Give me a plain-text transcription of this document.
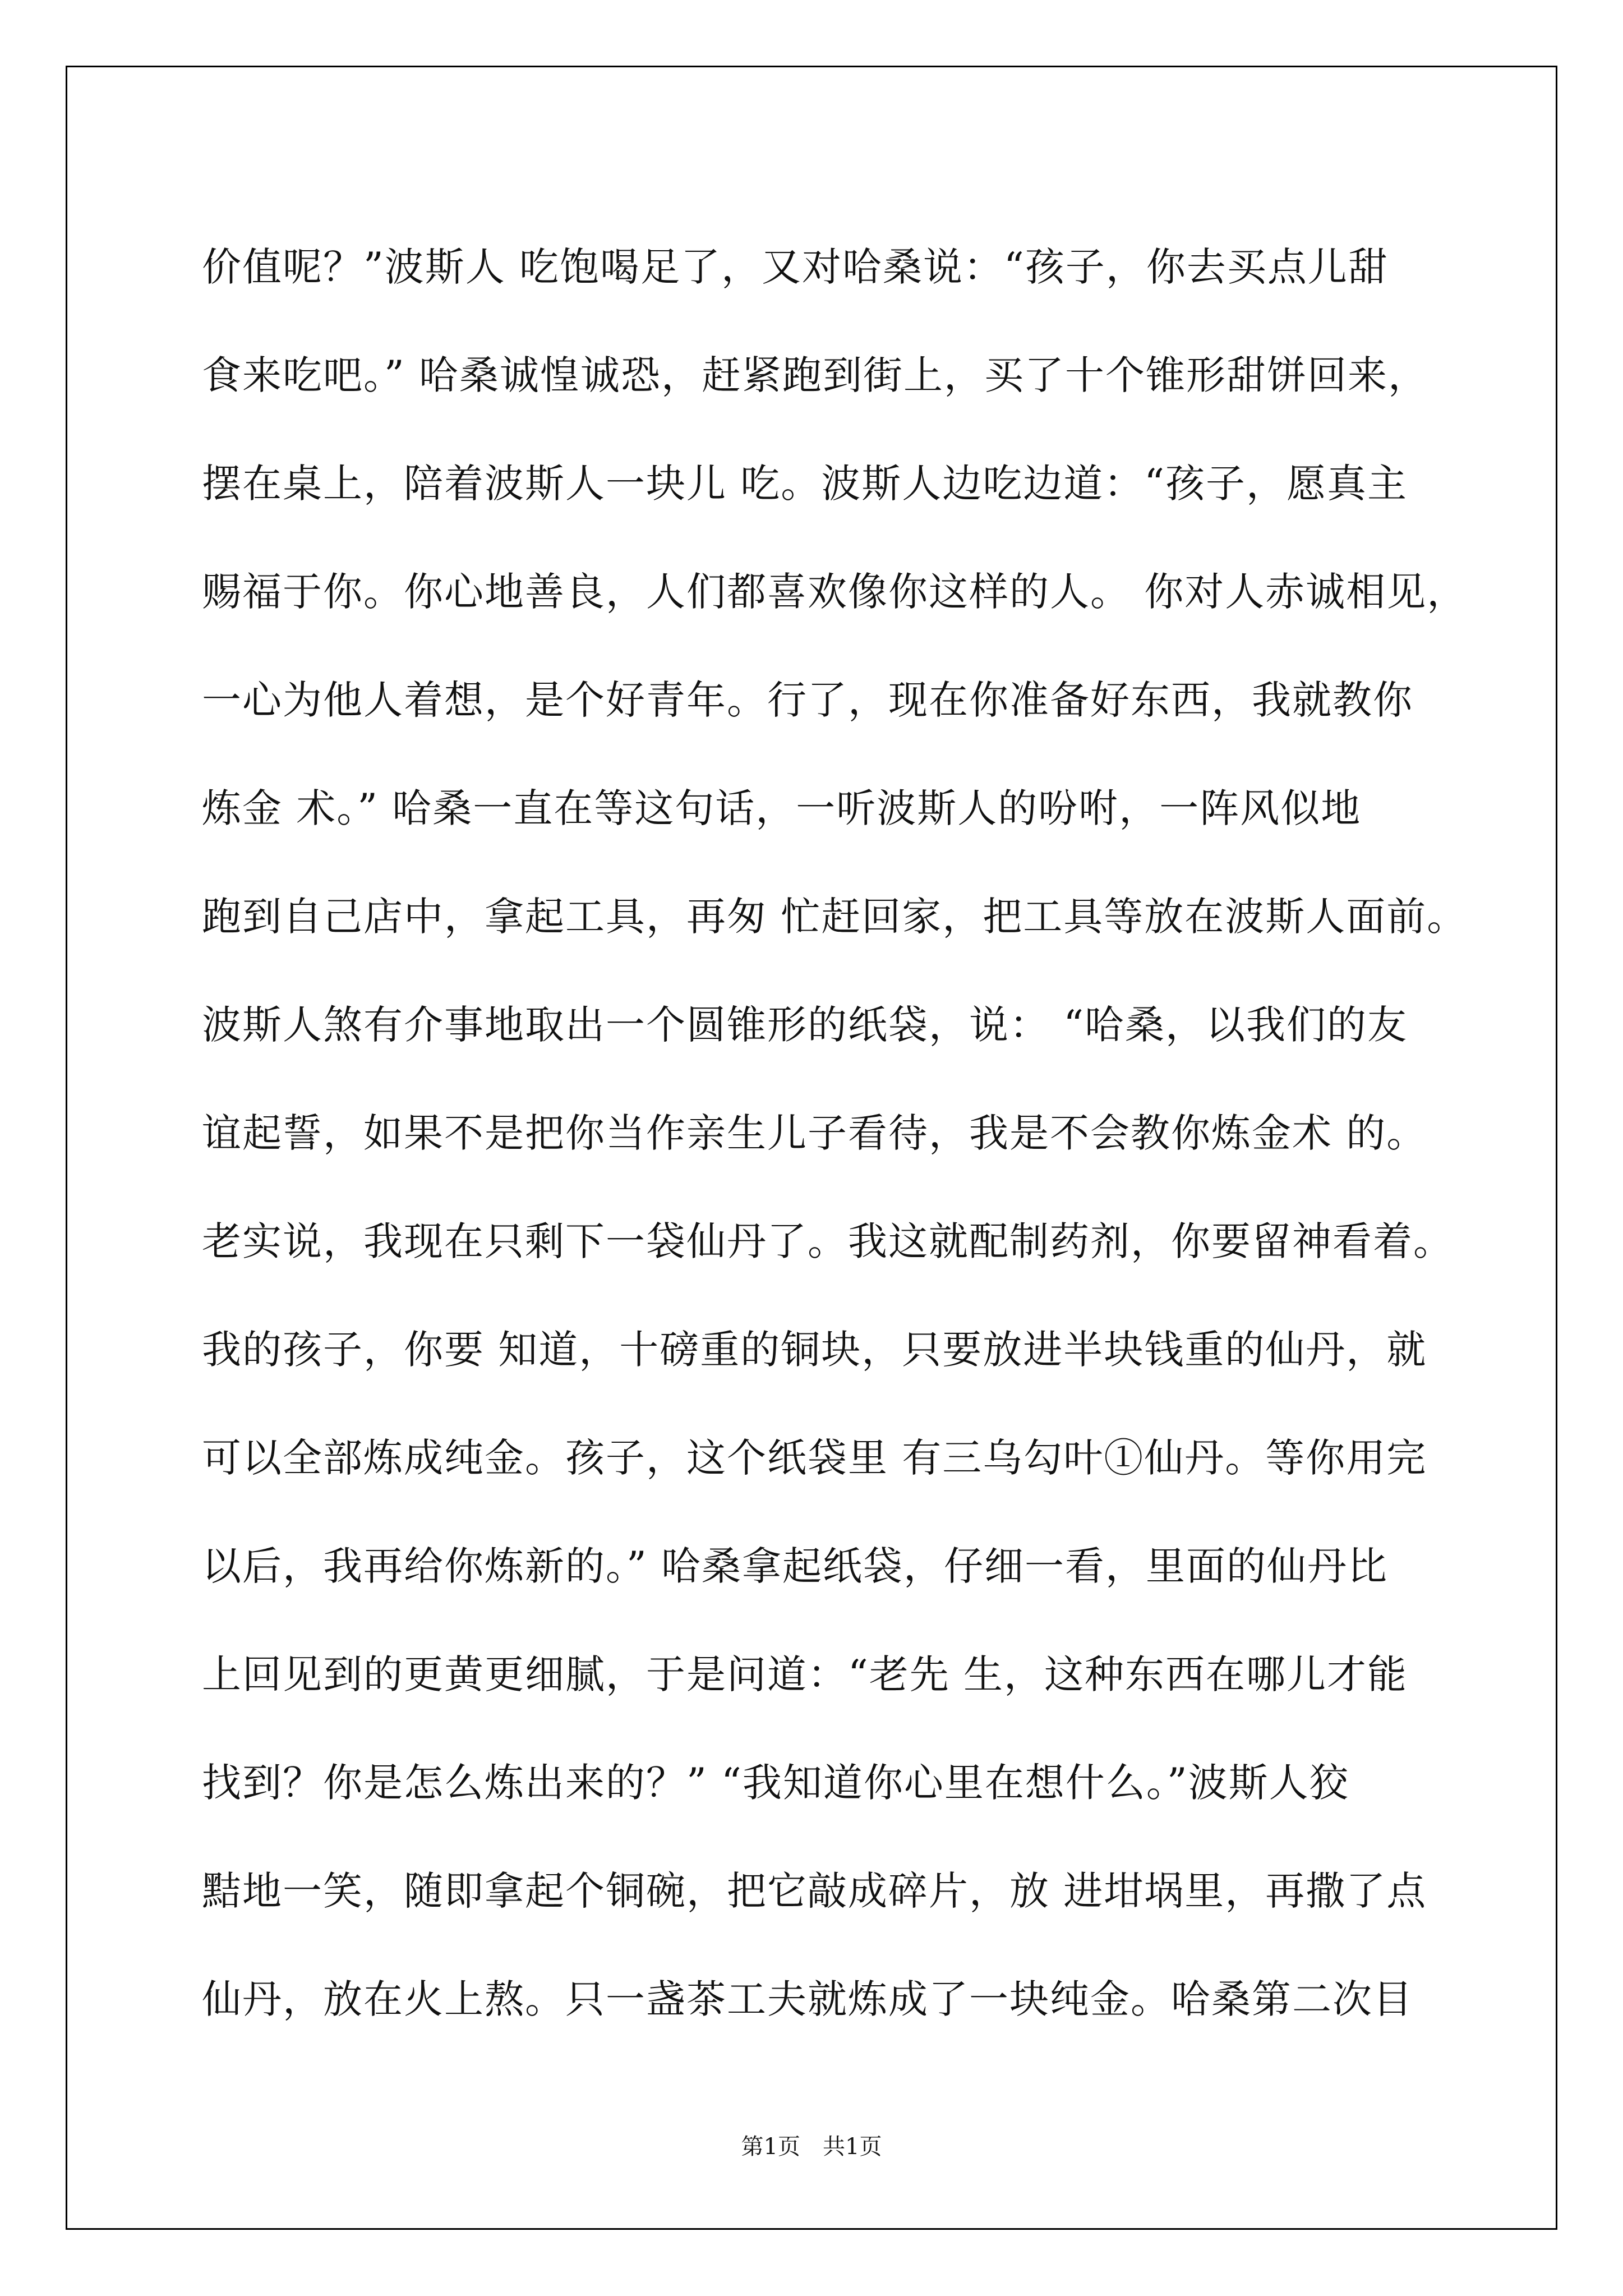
价值呢？”波斯人 吃饱喝足了，又对哈桑说：“孩子，你去买点儿甜
食来吃吧。” 哈桑诚惶诚恐，赶紧跑到街上，买了十个锥形甜饼回来，
摆在桌上，陪着波斯人一块儿 吃。波斯人边吃边道：“孩子，愿真主
赐福于你。你心地善良，人们都喜欢像你这样的人。 你对人赤诚相见，
一心为他人着想，是个好青年。行了，现在你准备好东西，我就教你
炼金 术。” 哈桑一直在等这句话，一听波斯人的吩咐，一阵风似地
跑到自己店中，拿起工具，再匆 忙赶回家，把工具等放在波斯人面前。
波斯人煞有介事地取出一个圆锥形的纸袋，说： “哈桑，以我们的友
谊起誓，如果不是把你当作亲生儿子看待，我是不会教你炼金术 的。
老实说，我现在只剩下一袋仙丹了。我这就配制药剂，你要留神看着。
我的孩子，你要 知道，十磅重的铜块，只要放进半块钱重的仙丹，就
可以全部炼成纯金。孩子，这个纸袋里 有三乌勾叶①仙丹。等你用完
以后，我再给你炼新的。” 哈桑拿起纸袋，仔细一看，里面的仙丹比
上回见到的更黄更细腻，于是问道：“老先 生，这种东西在哪儿才能
找到？你是怎么炼出来的？” “我知道你心里在想什么。”波斯人狡
黠地一笑，随即拿起个铜碗，把它敲成碎片，放 进坩埚里，再撒了点
仙丹，放在火上熬。只一盏茶工夫就炼成了一块纯金。哈桑第二次目
第1页　共1页
